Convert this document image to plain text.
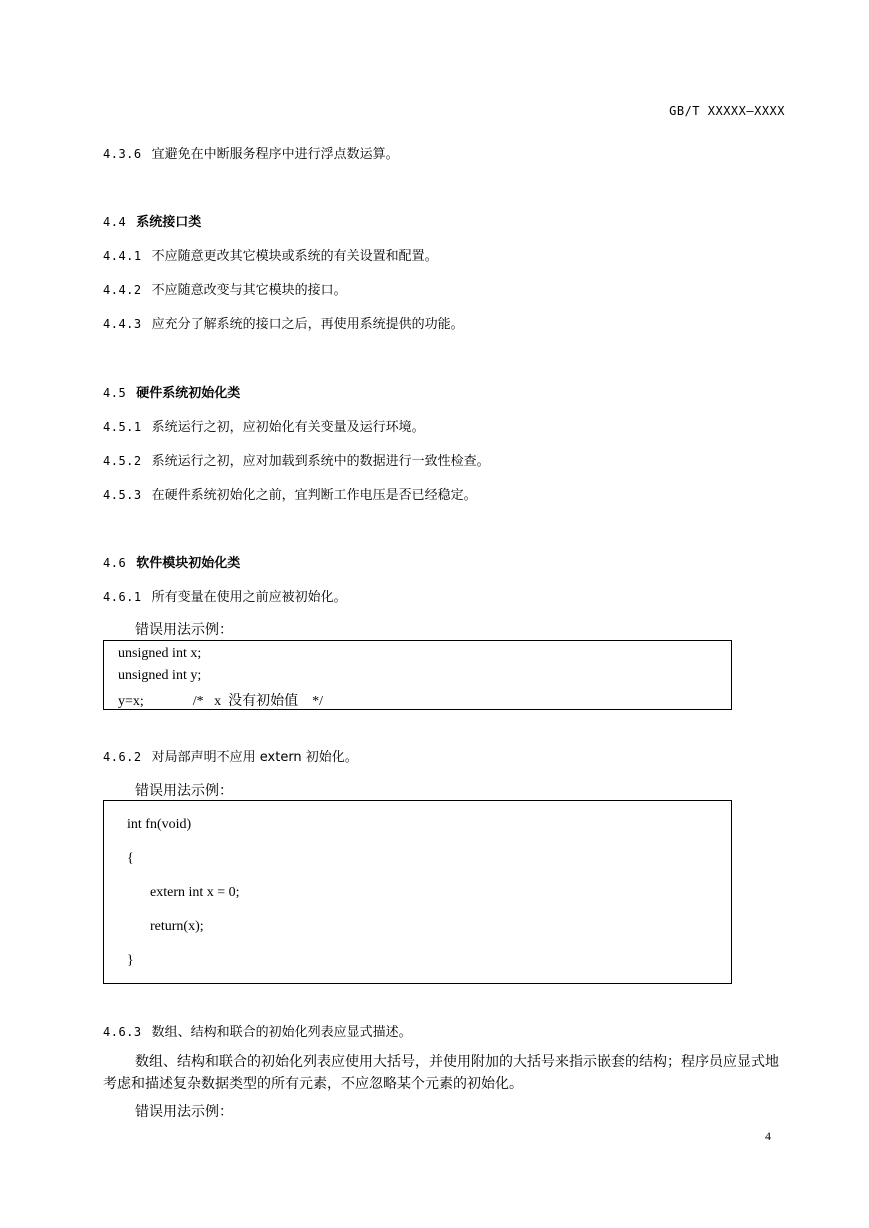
GB/T XXXXX—XXXX
4.3.6 宜避免在中断服务程序中进行浮点数运算。
4.4 系统接口类
4.4.1 不应随意更改其它模块或系统的有关设置和配置。
4.4.2 不应随意改变与其它模块的接口。
4.4.3 应充分了解系统的接口之后，再使用系统提供的功能。
4.5 硬件系统初始化类
4.5.1 系统运行之初，应初始化有关变量及运行环境。
4.5.2 系统运行之初，应对加载到系统中的数据进行一致性检查。
4.5.3 在硬件系统初始化之前，宜判断工作电压是否已经稳定。
4.6 软件模块初始化类
4.6.1 所有变量在使用之前应被初始化。
错误用法示例：
unsigned int x;
unsigned int y;
y=x;              /*   x  没有初始值    */
4.6.2 对局部声明不应用 extern 初始化。
错误用法示例：
int fn(void)
{
extern int x = 0;
return(x);
}
4.6.3 数组、结构和联合的初始化列表应显式描述。
数组、结构和联合的初始化列表应使用大括号，并使用附加的大括号来指示嵌套的结构；程序员应显式地考虑和描述复杂数据类型的所有元素，不应忽略某个元素的初始化。
错误用法示例：
4
